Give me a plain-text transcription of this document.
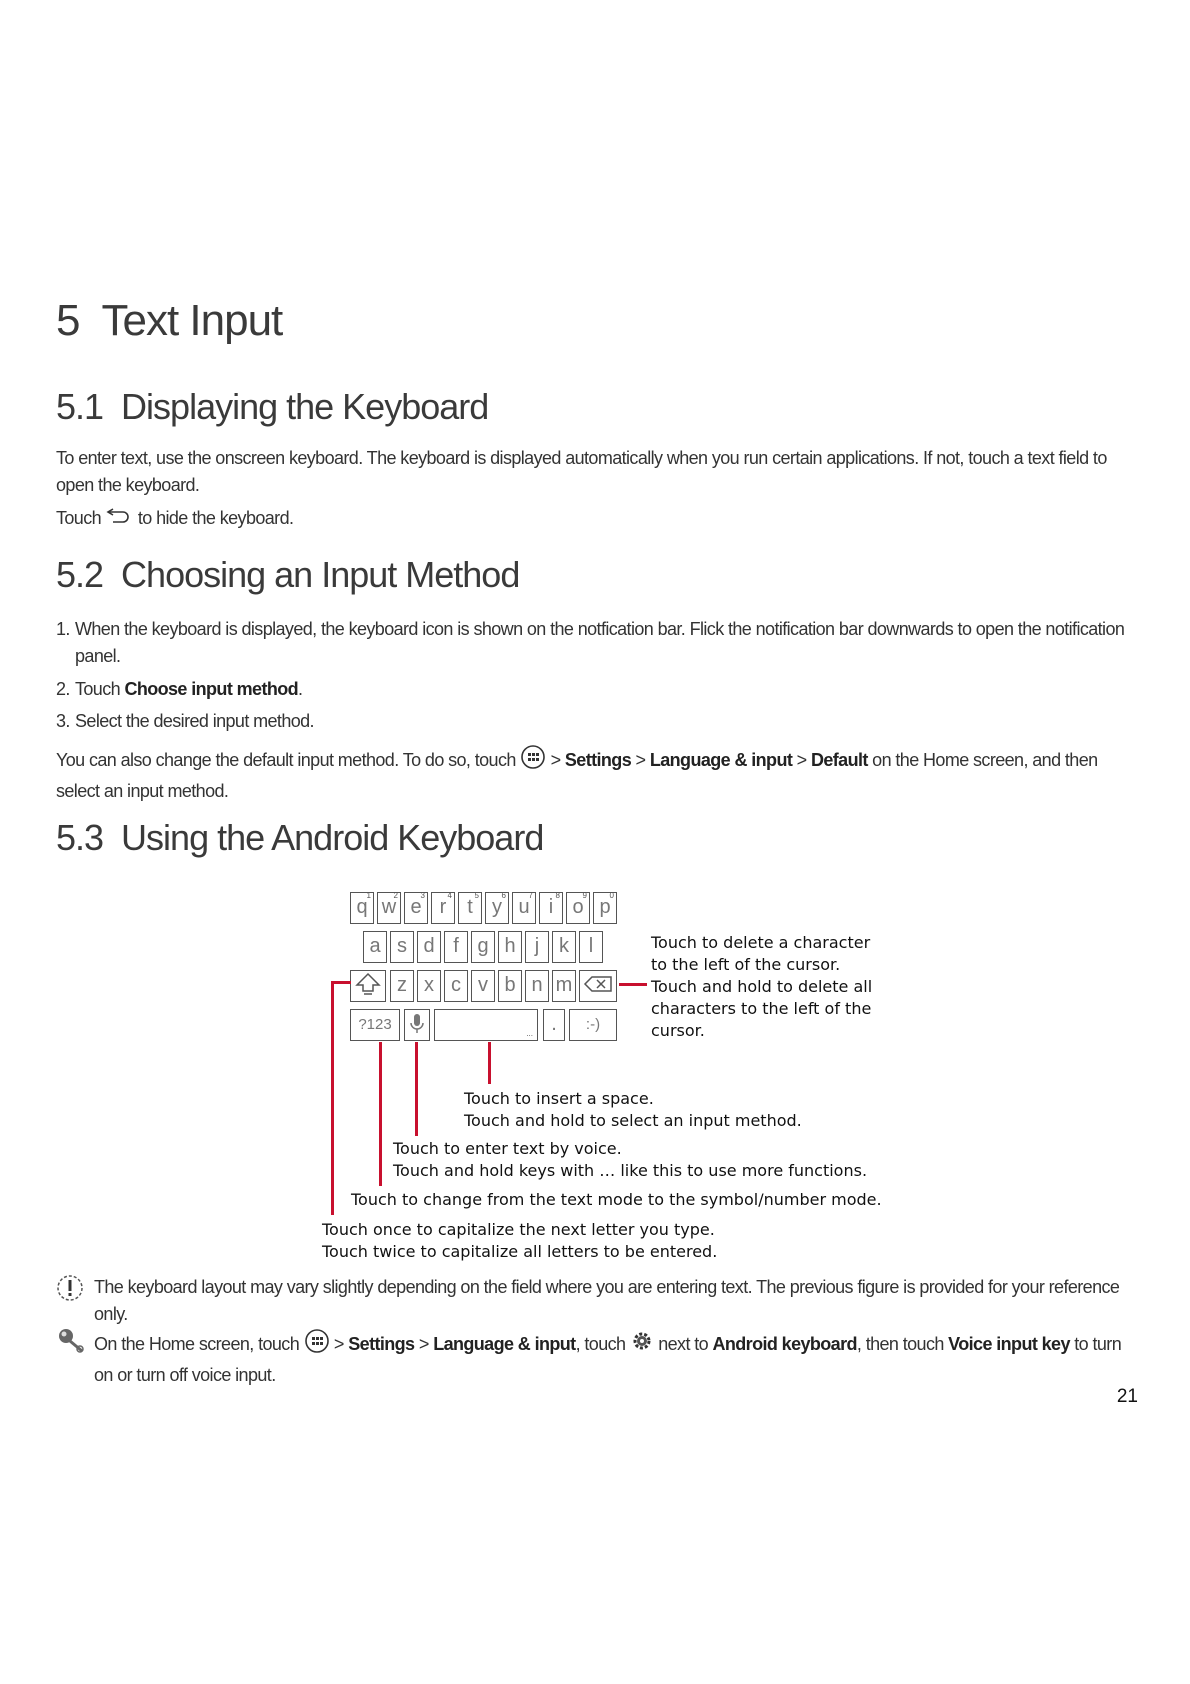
5 Text Input
5.1 Displaying the Keyboard
To enter text, use the onscreen keyboard. The keyboard is displayed automatically when you run certain applications. If not, touch a text field to open the keyboard.
Touch to hide the keyboard.
5.2 Choosing an Input Method
1. When the keyboard is displayed, the keyboard icon is shown on the notfication bar. Flick the notification bar downwards to open the notification
panel.
2. Touch Choose input method.
3. Select the desired input method.
You can also change the default input method. To do so, touch  > Settings > Language & input > Default on the Home screen, and then select an input method.
5.3 Using the Android Keyboard
q
1
w
2
e
3
r
4
t
5
y
6
u
7
i
8
o
9
p
0
a s d f g h j k l
z x c v b n m
?123
... .	:-)
Touch to delete a character
to the left of the cursor.
Touch and hold to delete all
characters to the left of the
cursor.
Touch to insert a space.
Touch and hold to select an input method.
Touch to enter text by voice.
Touch and hold keys with … like this to use more functions.
Touch to change from the text mode to the symbol/number mode.
Touch once to capitalize the next letter you type.
Touch twice to capitalize all letters to be entered.
The keyboard layout may vary slightly depending on the field where you are entering text. The previous figure is provided for your reference only.
On the Home screen, touch  > Settings > Language & input, touch  next to Android keyboard, then touch Voice input key to turn on or turn off voice input.
21
